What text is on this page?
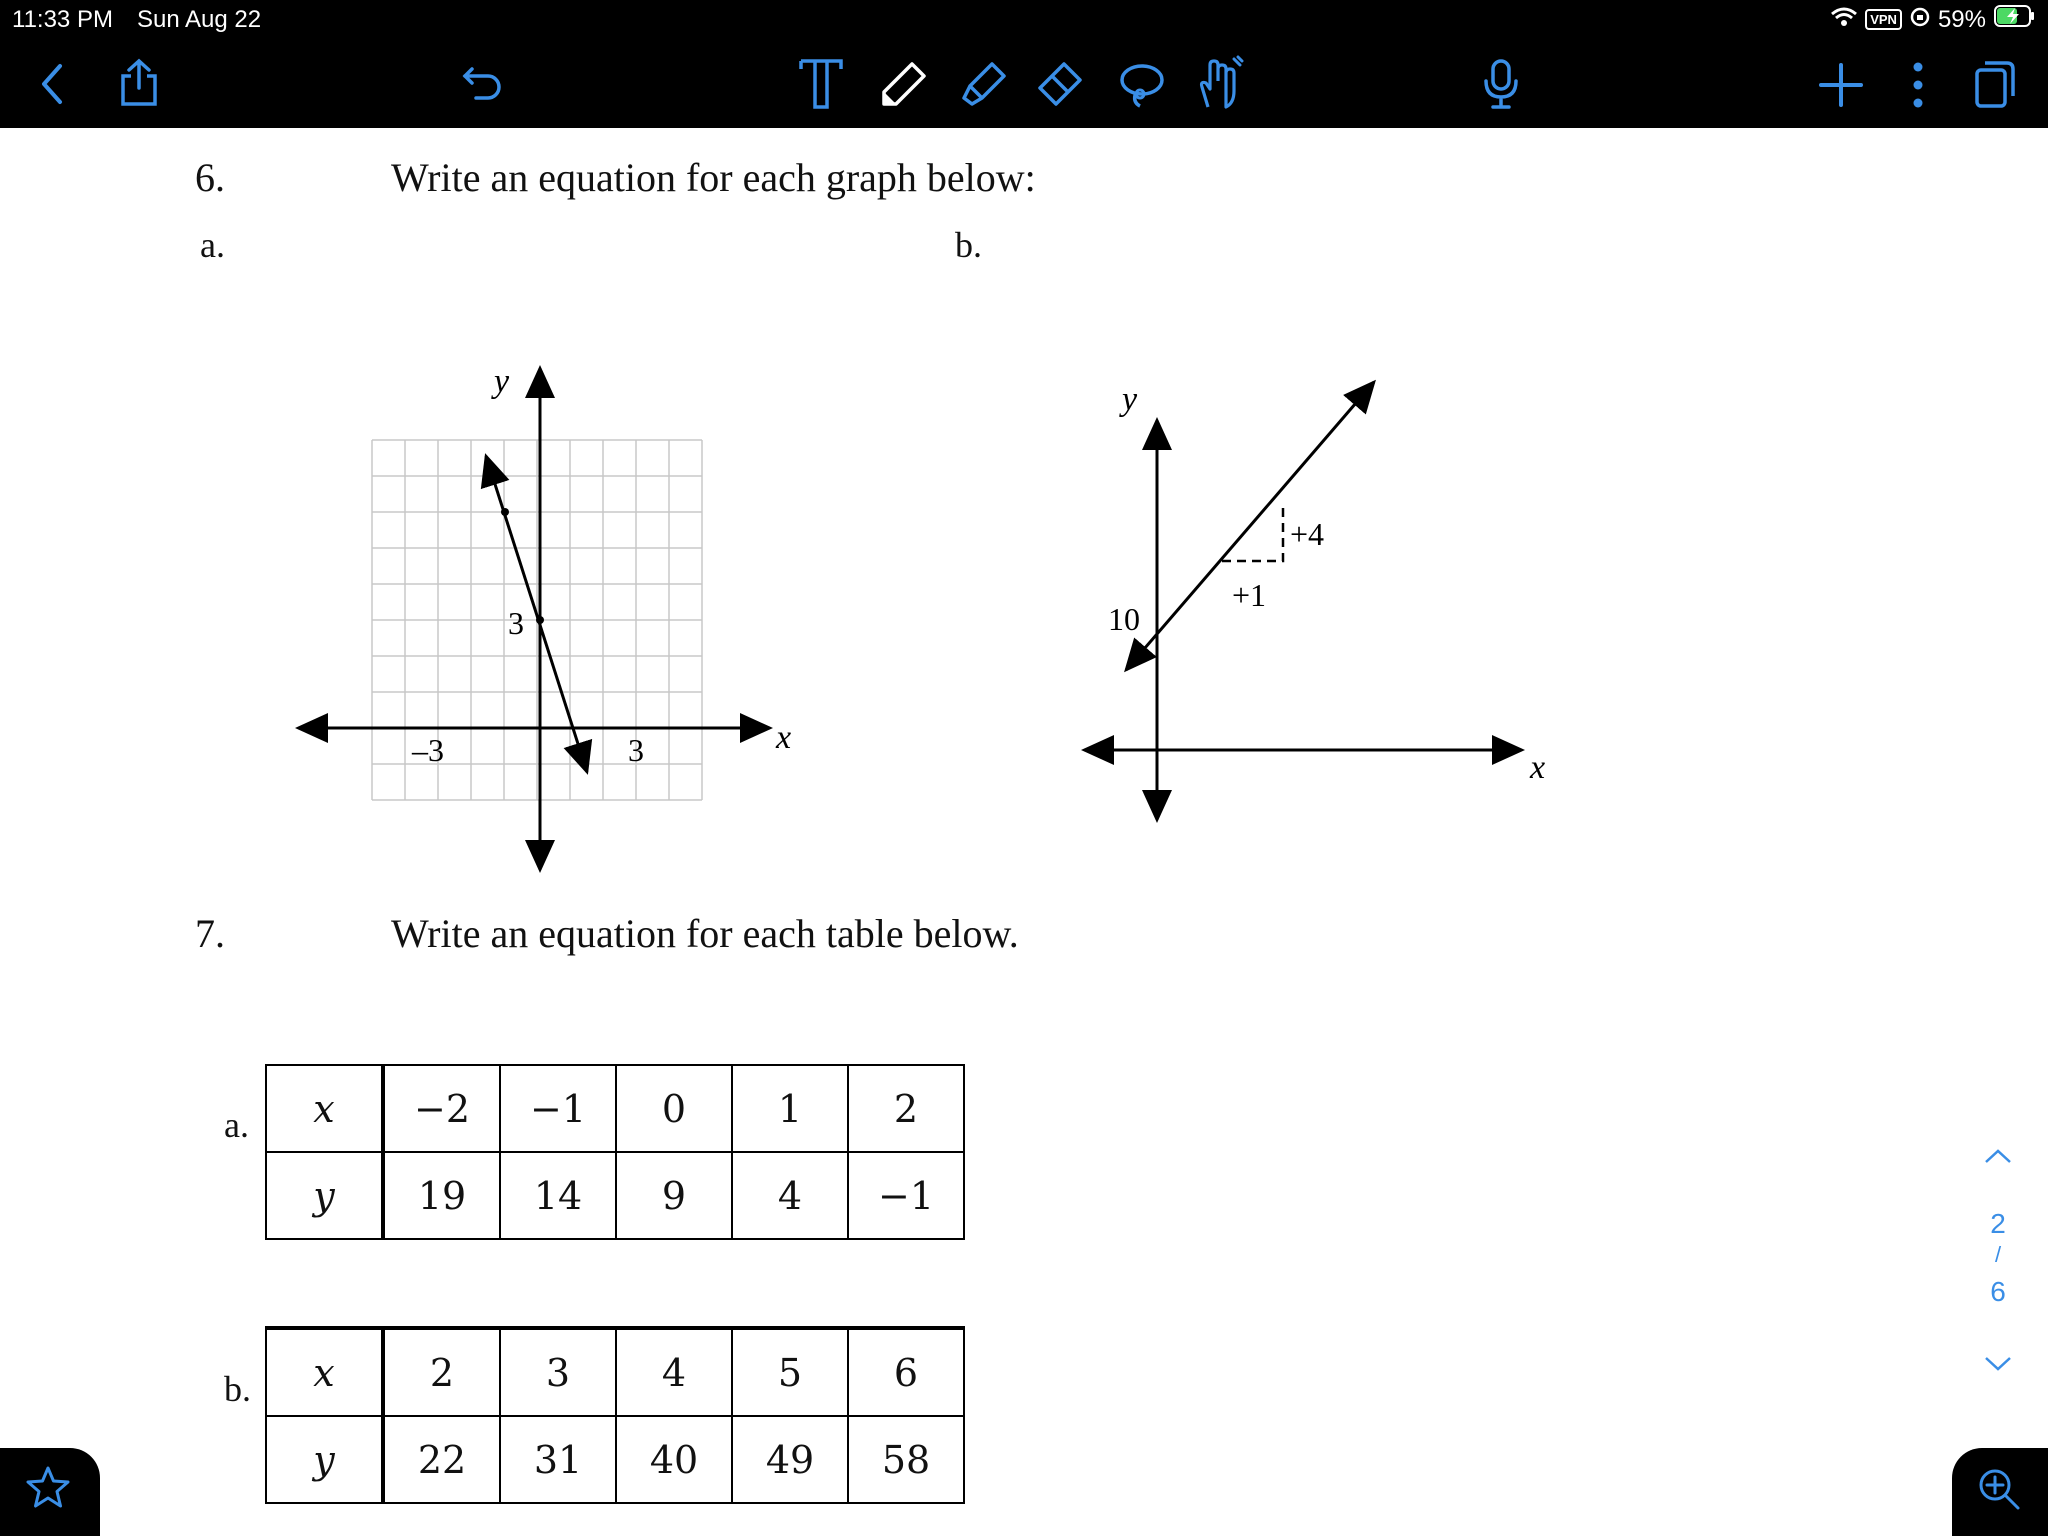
11:33 PM Sun Aug 22	VPN 59%
6.	Write an equation for each graph below:
a.
3
–3	3	x
y
b.
+4
+1
10
y
x
7.	Write an equation for each table below.
a. x	−2	−1	0	1	2
y	19	14	9	4	−1
b. x	2	3	4	5	6
y	22	31	40	49	58
2
/
6
